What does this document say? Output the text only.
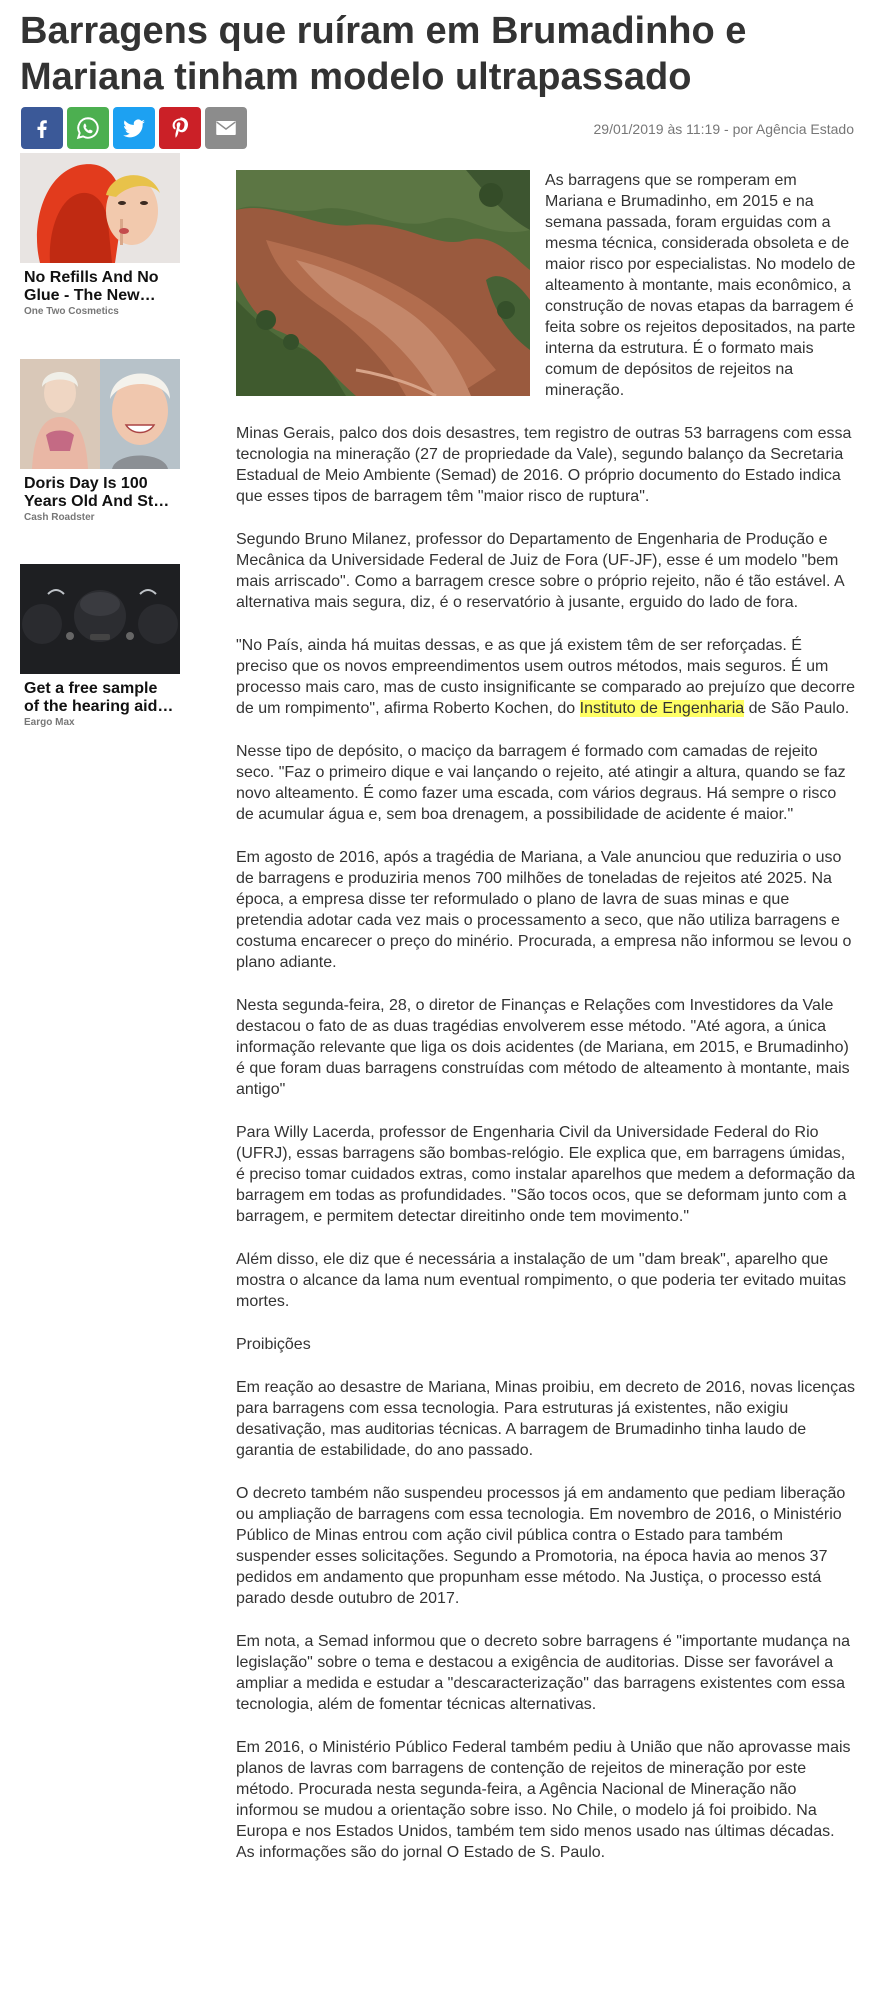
Barragens que ruíram em Brumadinho e Mariana tinham modelo ultrapassado
29/01/2019 às 11:19 - por Agência Estado
No Refills And No Glue - The New…
One Two Cosmetics
Doris Day Is 100 Years Old And St…
Cash Roadster
Get a free sample of the hearing aid…
Eargo Max

As barragens que se romperam em Mariana e Brumadinho, em 2015 e na semana passada, foram erguidas com a mesma técnica, considerada obsoleta e de maior risco por especialistas. No modelo de alteamento à montante, mais econômico, a construção de novas etapas da barragem é feita sobre os rejeitos depositados, na parte interna da estrutura. É o formato mais comum de depósitos de rejeitos na mineração.

Minas Gerais, palco dos dois desastres, tem registro de outras 53 barragens com essa tecnologia na mineração (27 de propriedade da Vale), segundo balanço da Secretaria Estadual de Meio Ambiente (Semad) de 2016. O próprio documento do Estado indica que esses tipos de barragem têm "maior risco de ruptura".

Segundo Bruno Milanez, professor do Departamento de Engenharia de Produção e Mecânica da Universidade Federal de Juiz de Fora (UF-JF), esse é um modelo "bem mais arriscado". Como a barragem cresce sobre o próprio rejeito, não é tão estável. A alternativa mais segura, diz, é o reservatório à jusante, erguido do lado de fora.

"No País, ainda há muitas dessas, e as que já existem têm de ser reforçadas. É preciso que os novos empreendimentos usem outros métodos, mais seguros. É um processo mais caro, mas de custo insignificante se comparado ao prejuízo que decorre de um rompimento", afirma Roberto Kochen, do Instituto de Engenharia de São Paulo.

Nesse tipo de depósito, o maciço da barragem é formado com camadas de rejeito seco. "Faz o primeiro dique e vai lançando o rejeito, até atingir a altura, quando se faz novo alteamento. É como fazer uma escada, com vários degraus. Há sempre o risco de acumular água e, sem boa drenagem, a possibilidade de acidente é maior."

Em agosto de 2016, após a tragédia de Mariana, a Vale anunciou que reduziria o uso de barragens e produziria menos 700 milhões de toneladas de rejeitos até 2025. Na época, a empresa disse ter reformulado o plano de lavra de suas minas e que pretendia adotar cada vez mais o processamento a seco, que não utiliza barragens e costuma encarecer o preço do minério. Procurada, a empresa não informou se levou o plano adiante.

Nesta segunda-feira, 28, o diretor de Finanças e Relações com Investidores da Vale destacou o fato de as duas tragédias envolverem esse método. "Até agora, a única informação relevante que liga os dois acidentes (de Mariana, em 2015, e Brumadinho) é que foram duas barragens construídas com método de alteamento à montante, mais antigo"

Para Willy Lacerda, professor de Engenharia Civil da Universidade Federal do Rio (UFRJ), essas barragens são bombas-relógio. Ele explica que, em barragens úmidas, é preciso tomar cuidados extras, como instalar aparelhos que medem a deformação da barragem em todas as profundidades. "São tocos ocos, que se deformam junto com a barragem, e permitem detectar direitinho onde tem movimento."

Além disso, ele diz que é necessária a instalação de um "dam break", aparelho que mostra o alcance da lama num eventual rompimento, o que poderia ter evitado muitas mortes.

Proibições

Em reação ao desastre de Mariana, Minas proibiu, em decreto de 2016, novas licenças para barragens com essa tecnologia. Para estruturas já existentes, não exigiu desativação, mas auditorias técnicas. A barragem de Brumadinho tinha laudo de garantia de estabilidade, do ano passado.

O decreto também não suspendeu processos já em andamento que pediam liberação ou ampliação de barragens com essa tecnologia. Em novembro de 2016, o Ministério Público de Minas entrou com ação civil pública contra o Estado para também suspender esses solicitações. Segundo a Promotoria, na época havia ao menos 37 pedidos em andamento que propunham esse método. Na Justiça, o processo está parado desde outubro de 2017.

Em nota, a Semad informou que o decreto sobre barragens é "importante mudança na legislação" sobre o tema e destacou a exigência de auditorias. Disse ser favorável a ampliar a medida e estudar a "descaracterização" das barragens existentes com essa tecnologia, além de fomentar técnicas alternativas.

Em 2016, o Ministério Público Federal também pediu à União que não aprovasse mais planos de lavras com barragens de contenção de rejeitos de mineração por este método. Procurada nesta segunda-feira, a Agência Nacional de Mineração não informou se mudou a orientação sobre isso. No Chile, o modelo já foi proibido. Na Europa e nos Estados Unidos, também tem sido menos usado nas últimas décadas. As informações são do jornal O Estado de S. Paulo.
